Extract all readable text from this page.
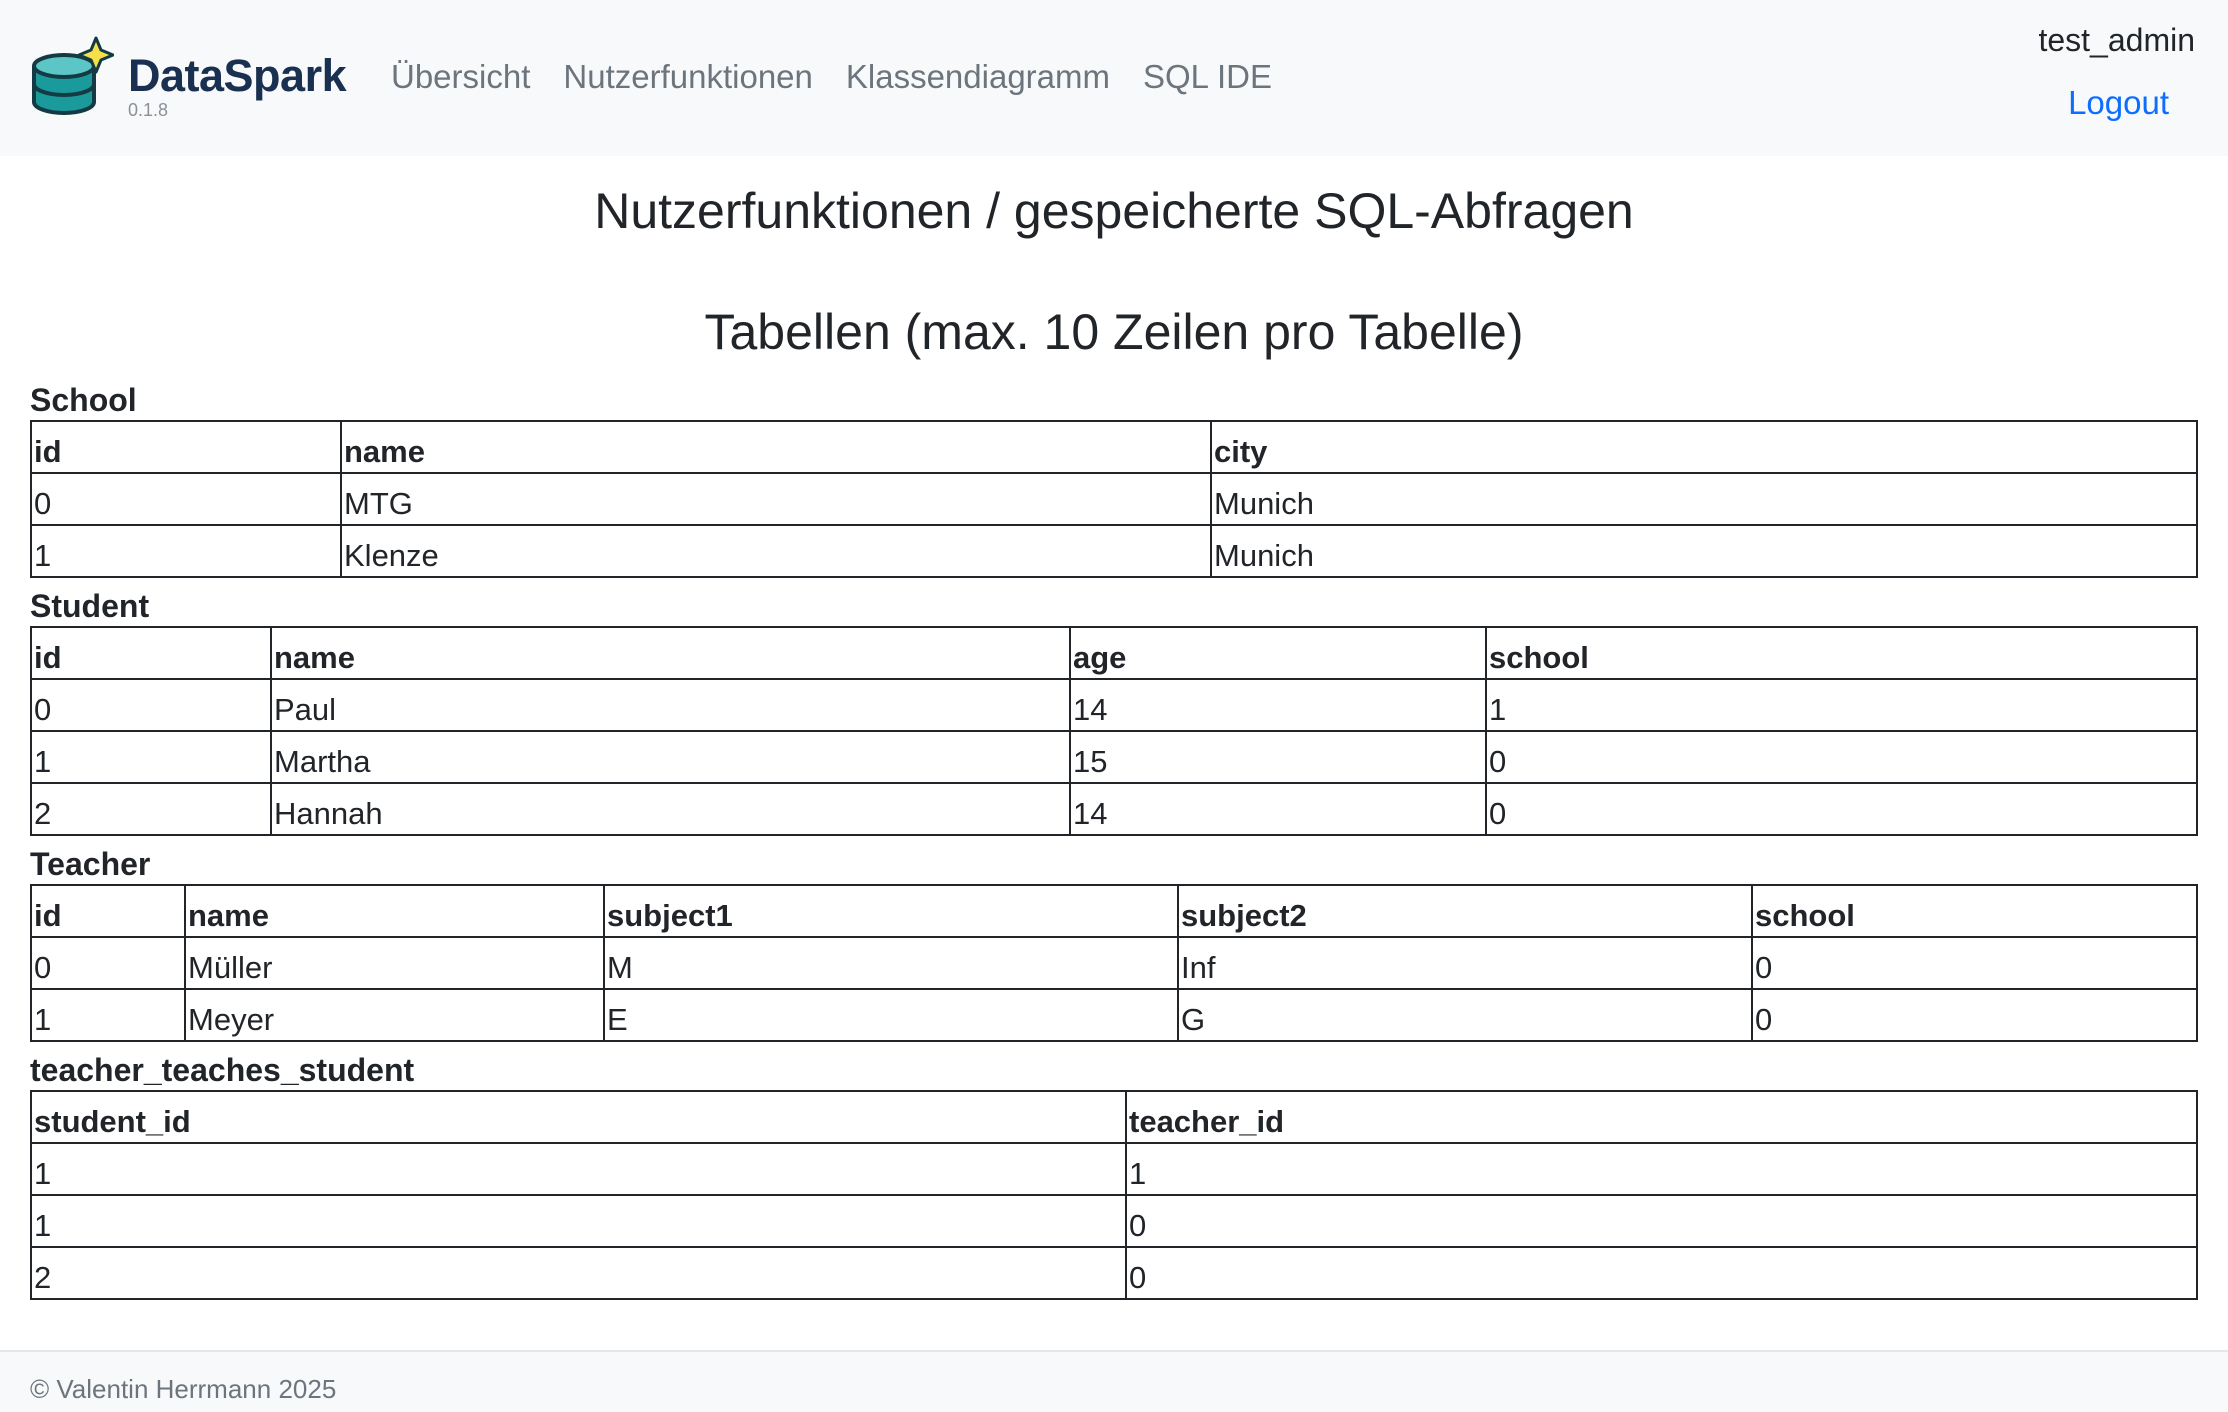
DataSpark
0.1.8
Übersicht Nutzerfunktionen Klassendiagramm SQL IDE
test_admin
Logout
Nutzerfunktionen / gespeicherte SQL-Abfragen
Tabellen (max. 10 Zeilen pro Tabelle)
School
id	name	city
0	MTG	Munich
1	Klenze	Munich
Student
id	name	age	school
0	Paul	14	1
1	Martha	15	0
2	Hannah	14	0
Teacher
id	name	subject1	subject2	school
0	Müller	M	Inf	0
1	Meyer	E	G	0
teacher_teaches_student
student_id	teacher_id
1	1
1	0
2	0
© Valentin Herrmann 2025
